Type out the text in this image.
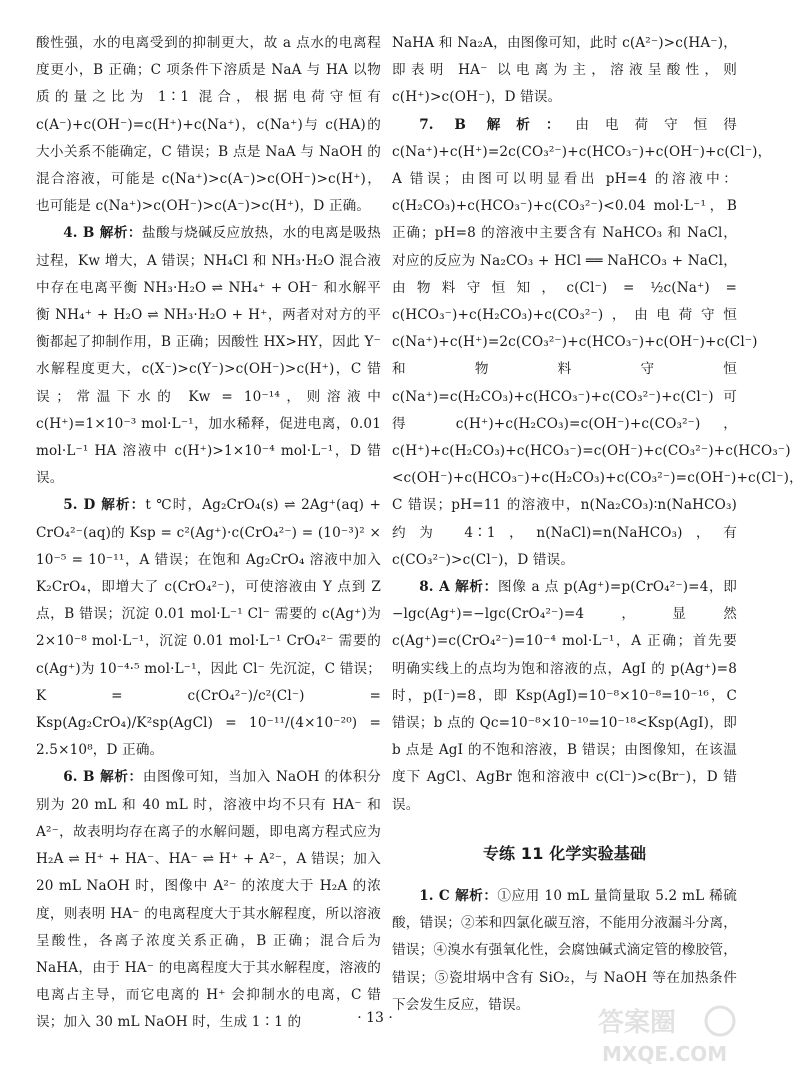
酸性强，水的电离受到的抑制更大，故 a 点水的电离程度更小，B 正确；C 项条件下溶质是 NaA 与 HA 以物质的量之比为 1∶1 混合，根据电荷守恒有 c(A⁻)+c(OH⁻)=c(H⁺)+c(Na⁺)，c(Na⁺)与 c(HA)的大小关系不能确定，C 错误；B 点是 NaA 与 NaOH 的混合溶液，可能是 c(Na⁺)>c(A⁻)>c(OH⁻)>c(H⁺)，也可能是 c(Na⁺)>c(OH⁻)>c(A⁻)>c(H⁺)，D 正确。

4. B 解析：盐酸与烧碱反应放热，水的电离是吸热过程，Kw 增大，A 错误；NH₄Cl 和 NH₃·H₂O 混合液中存在电离平衡 NH₃·H₂O ⇌ NH₄⁺ + OH⁻ 和水解平衡 NH₄⁺ + H₂O ⇌ NH₃·H₂O + H⁺，两者对对方的平衡都起了抑制作用，B 正确；因酸性 HX>HY，因此 Y⁻ 水解程度更大，c(X⁻)>c(Y⁻)>c(OH⁻)>c(H⁺)，C 错误；常温下水的 Kw = 10⁻¹⁴，则溶液中 c(H⁺)=1×10⁻³ mol·L⁻¹，加水稀释，促进电离，0.01 mol·L⁻¹ HA 溶液中 c(H⁺)>1×10⁻⁴ mol·L⁻¹，D 错误。

5. D 解析：t ℃时，Ag₂CrO₄(s) ⇌ 2Ag⁺(aq) + CrO₄²⁻(aq)的 Ksp = c²(Ag⁺)·c(CrO₄²⁻) = (10⁻³)² × 10⁻⁵ = 10⁻¹¹，A 错误；在饱和 Ag₂CrO₄ 溶液中加入 K₂CrO₄，即增大了 c(CrO₄²⁻)，可使溶液由 Y 点到 Z 点，B 错误；沉淀 0.01 mol·L⁻¹ Cl⁻ 需要的 c(Ag⁺)为 2×10⁻⁸ mol·L⁻¹，沉淀 0.01 mol·L⁻¹ CrO₄²⁻ 需要的 c(Ag⁺)为 10⁻⁴·⁵ mol·L⁻¹，因此 Cl⁻ 先沉淀，C 错误；K = c(CrO₄²⁻)/c²(Cl⁻) = Ksp(Ag₂CrO₄)/K²sp(AgCl) = 10⁻¹¹/(4×10⁻²⁰) = 2.5×10⁸，D 正确。

6. B 解析：由图像可知，当加入 NaOH 的体积分别为 20 mL 和 40 mL 时，溶液中均不只有 HA⁻ 和 A²⁻，故表明均存在离子的水解问题，即电离方程式应为 H₂A ⇌ H⁺ + HA⁻、HA⁻ ⇌ H⁺ + A²⁻，A 错误；加入 20 mL NaOH 时，图像中 A²⁻ 的浓度大于 H₂A 的浓度，则表明 HA⁻ 的电离程度大于其水解程度，所以溶液呈酸性，各离子浓度关系正确，B 正确；混合后为 NaHA，由于 HA⁻ 的电离程度大于其水解程度，溶液的电离占主导，而它电离的 H⁺ 会抑制水的电离，C 错误；加入 30 mL NaOH 时，生成 1∶1 的

NaHA 和 Na₂A，由图像可知，此时 c(A²⁻)>c(HA⁻)，即表明 HA⁻ 以电离为主，溶液呈酸性，则 c(H⁺)>c(OH⁻)，D 错误。

7. B 解析：由电荷守恒得 c(Na⁺)+c(H⁺)=2c(CO₃²⁻)+c(HCO₃⁻)+c(OH⁻)+c(Cl⁻)，A 错误；由图可以明显看出 pH=4 的溶液中：c(H₂CO₃)+c(HCO₃⁻)+c(CO₃²⁻)<0.04 mol·L⁻¹，B 正确；pH=8 的溶液中主要含有 NaHCO₃ 和 NaCl，对应的反应为 Na₂CO₃ + HCl ══ NaHCO₃ + NaCl，由物料守恒知，c(Cl⁻) = ½c(Na⁺) = c(HCO₃⁻)+c(H₂CO₃)+c(CO₃²⁻)，由电荷守恒 c(Na⁺)+c(H⁺)=2c(CO₃²⁻)+c(HCO₃⁻)+c(OH⁻)+c(Cl⁻)和物料守恒 c(Na⁺)=c(H₂CO₃)+c(HCO₃⁻)+c(CO₃²⁻)+c(Cl⁻)可得 c(H⁺)+c(H₂CO₃)=c(OH⁻)+c(CO₃²⁻)，c(H⁺)+c(H₂CO₃)+c(HCO₃⁻)=c(OH⁻)+c(CO₃²⁻)+c(HCO₃⁻)<c(OH⁻)+c(HCO₃⁻)+c(H₂CO₃)+c(CO₃²⁻)=c(OH⁻)+c(Cl⁻)，C 错误；pH=11 的溶液中，n(Na₂CO₃)∶n(NaHCO₃)约为 4∶1，n(NaCl)=n(NaHCO₃)，有 c(CO₃²⁻)>c(Cl⁻)，D 错误。

8. A 解析：图像 a 点 p(Ag⁺)=p(CrO₄²⁻)=4，即 −lgc(Ag⁺)=−lgc(CrO₄²⁻)=4，显然 c(Ag⁺)=c(CrO₄²⁻)=10⁻⁴ mol·L⁻¹，A 正确；首先要明确实线上的点均为饱和溶液的点，AgI 的 p(Ag⁺)=8 时，p(I⁻)=8，即 Ksp(AgI)=10⁻⁸×10⁻⁸=10⁻¹⁶，C 错误；b 点的 Qc=10⁻⁸×10⁻¹⁰=10⁻¹⁸<Ksp(AgI)，即 b 点是 AgI 的不饱和溶液，B 错误；由图像知，在该温度下 AgCl、AgBr 饱和溶液中 c(Cl⁻)>c(Br⁻)，D 错误。

专练 11 化学实验基础

1. C 解析：①应用 10 mL 量筒量取 5.2 mL 稀硫酸，错误；②苯和四氯化碳互溶，不能用分液漏斗分离，错误；④溴水有强氧化性，会腐蚀碱式滴定管的橡胶管，错误；⑤瓷坩埚中含有 SiO₂，与 NaOH 等在加热条件下会发生反应，错误。

· 13 ·	答案圈
MXQE.COM
